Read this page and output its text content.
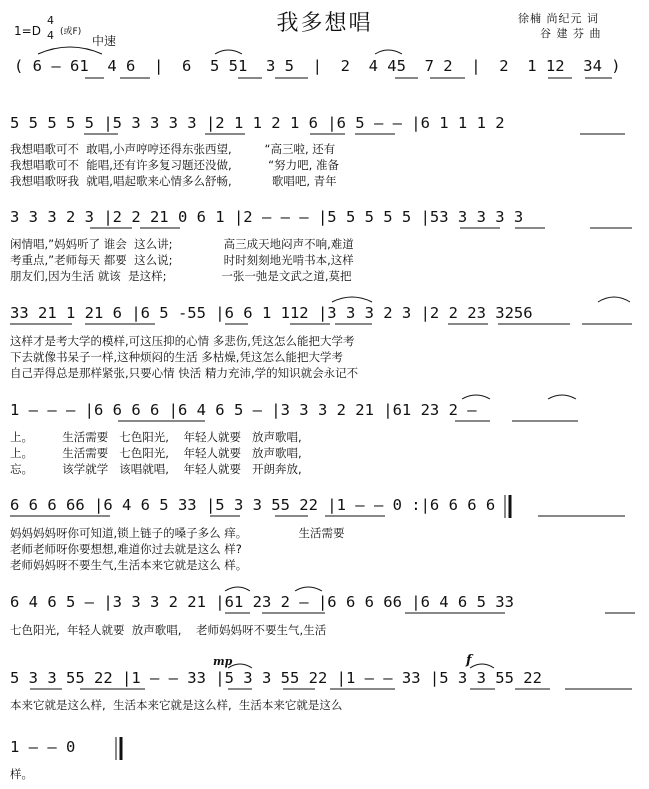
我多想唱
1=D
4
4 (或F)
中速
徐楠 尚纪元 词
谷 建 芬 曲
( 6 — 61  4 6  |  6  5 51  3 5  |  2  4 45  7 2  |  2  1 12  34 )
5 5 5 5 5 |5 3 3 3 3 |2 1 1 2 1 6 |6 5 — — |6 1 1 1 2
我想唱歌可不  敢唱,小声哼哼还得东张西望,         “高三啦, 还有
我想唱歌可不  能唱,还有许多复习题还没做,          “努力吧, 准备
我想唱歌呀我  就唱,唱起歌来心情多么舒畅,           歌唱吧, 青年
3 3 3 2 3 |2 2 21 0 6 1 |2 — — — |5 5 5 5 5 |53 3 3 3 3
闲情唱,”妈妈听了 谁会  这么讲;              高三成天地闷声不响,难道
考重点,”老师每天 都要  这么说;              时时刻刻地光啃书本,这样
朋友们,因为生活 就该  是这样;               一张一弛是文武之道,莫把
33 21 1 21 6 |6 5 -55 |6 6 1 112 |3 3 3 2 3 |2 2 23 3256
这样才是考大学的模样,可这压抑的心情 多悲伤,凭这怎么能把大学考
下去就像书呆子一样,这种烦闷的生活 多枯燥,凭这怎么能把大学考
自己弄得总是那样紧张,只要心情 快活 精力充沛,学的知识就会永记不
1 — — — |6 6 6 6 |6 4 6 5 — |3 3 3 2 21 |61 23 2 —
上。        生活需要   七色阳光,    年轻人就要   放声歌唱,
上。        生活需要   七色阳光,    年轻人就要   放声歌唱,
忘。        该学就学   该唱就唱,    年轻人就要   开朗奔放,
6 6 6 66 |6 4 6 5 33 |5 3 3 55 22 |1 — — 0 :|6 6 6 6
妈妈妈妈呀你可知道,锁上链子的嗓子多么 痒。              生活需要
老师老师呀你要想想,难道你过去就是这么 样?
老师妈妈呀不要生气,生活本来它就是这么 样。
6 4 6 5 — |3 3 3 2 21 |61 23 2 — |6 6 6 66 |6 4 6 5 33
七色阳光,  年轻人就要  放声歌唱,    老师妈妈呀不要生气,生活
mp	f
5 3 3 55 22 |1 — — 33 |5 3 3 55 22 |1 — — 33 |5 3 3 55 22
本来它就是这么样,  生活本来它就是这么样,  生活本来它就是这么
1 — — 0
样。
